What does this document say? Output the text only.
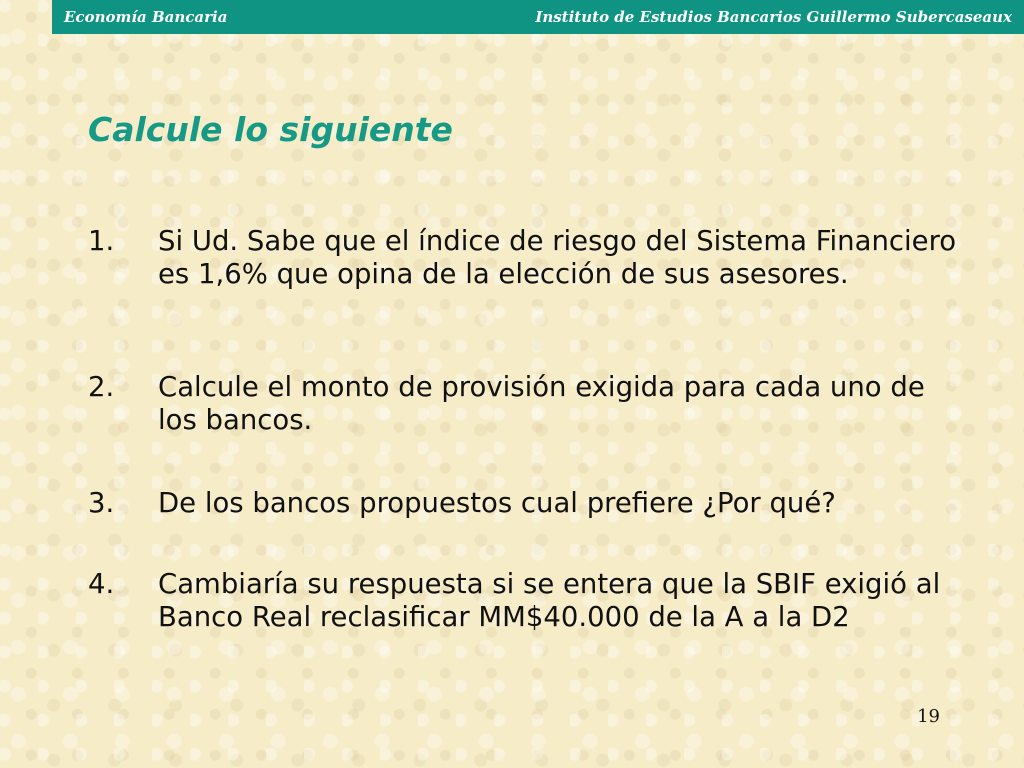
Economía Bancaria	Instituto de Estudios Bancarios Guillermo Subercaseaux
Calcule lo siguiente
1.	Si Ud. Sabe que el índice de riesgo del Sistema Financiero es 1,6% que opina de la elección de sus asesores.
2.	Calcule el monto de provisión exigida para cada uno de los bancos.
3.	De los bancos propuestos cual prefiere ¿Por qué?
4.	Cambiaría su respuesta si se entera que la SBIF exigió al Banco Real reclasificar MM$40.000 de la A a la D2
19
